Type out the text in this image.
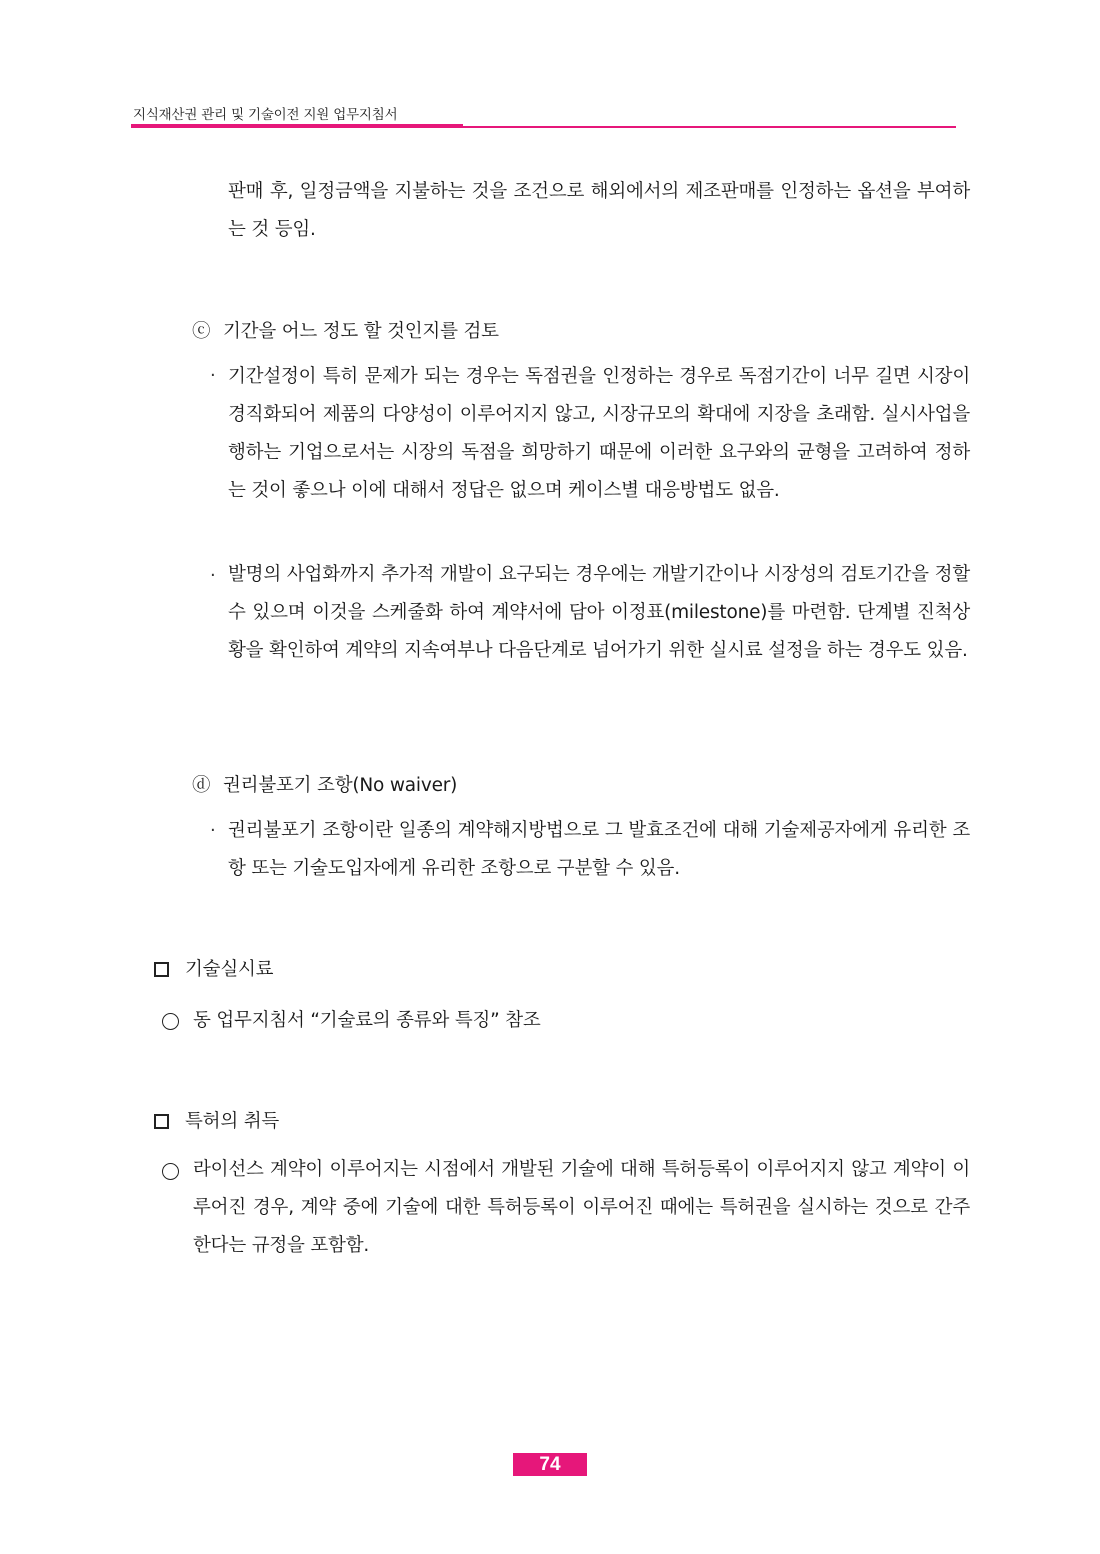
지식재산권 관리 및 기술이전 지원 업무지침서

판매 후, 일정금액을 지불하는 것을 조건으로 해외에서의 제조판매를 인정하는 옵션을 부여하는 것 등임.

ⓒ 기간을 어느 정도 할 것인지를 검토
· 기간설정이 특히 문제가 되는 경우는 독점권을 인정하는 경우로 독점기간이 너무 길면 시장이 경직화되어 제품의 다양성이 이루어지지 않고, 시장규모의 확대에 지장을 초래함. 실시사업을 행하는 기업으로서는 시장의 독점을 희망하기 때문에 이러한 요구와의 균형을 고려하여 정하는 것이 좋으나 이에 대해서 정답은 없으며 케이스별 대응방법도 없음.

· 발명의 사업화까지 추가적 개발이 요구되는 경우에는 개발기간이나 시장성의 검토기간을 정할 수 있으며 이것을 스케줄화 하여 계약서에 담아 이정표(milestone)를 마련함. 단계별 진척상황을 확인하여 계약의 지속여부나 다음단계로 넘어가기 위한 실시료 설정을 하는 경우도 있음.

ⓓ 권리불포기 조항(No waiver)
· 권리불포기 조항이란 일종의 계약해지방법으로 그 발효조건에 대해 기술제공자에게 유리한 조항 또는 기술도입자에게 유리한 조항으로 구분할 수 있음.

기술실시료
동 업무지침서 “기술료의 종류와 특징” 참조
특허의 취득

라이선스 계약이 이루어지는 시점에서 개발된 기술에 대해 특허등록이 이루어지지 않고 계약이 이루어진 경우, 계약 중에 기술에 대한 특허등록이 이루어진 때에는 특허권을 실시하는 것으로 간주한다는 규정을 포함함.

74
